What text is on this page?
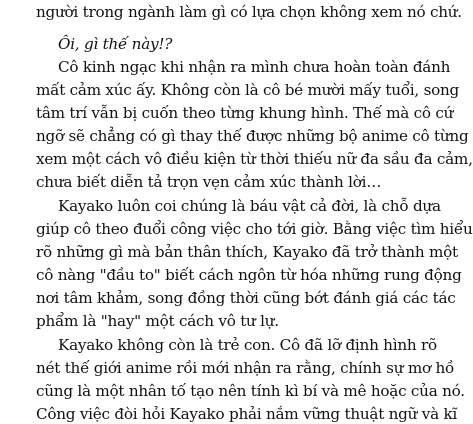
người trong ngành làm gì có lựa chọn không xem nó chứ.
Ôi, gì thế này!?
Cô kinh ngạc khi nhận ra mình chưa hoàn toàn đánh
mất cảm xúc ấy. Không còn là cô bé mười mấy tuổi, song
tâm trí vẫn bị cuốn theo từng khung hình. Thế mà cô cứ
ngỡ sẽ chẳng có gì thay thế được những bộ anime cô từng
xem một cách vô điều kiện từ thời thiếu nữ đa sầu đa cảm,
chưa biết diễn tả trọn vẹn cảm xúc thành lời…
Kayako luôn coi chúng là báu vật cả đời, là chỗ dựa
giúp cô theo đuổi công việc cho tới giờ. Bằng việc tìm hiểu
rõ những gì mà bản thân thích, Kayako đã trở thành một
cô nàng "đầu to" biết cách ngôn từ hóa những rung động
nơi tâm khảm, song đồng thời cũng bớt đánh giá các tác
phẩm là "hay" một cách vô tư lự.
Kayako không còn là trẻ con. Cô đã lỡ định hình rõ
nét thế giới anime rồi mới nhận ra rằng, chính sự mơ hồ
cũng là một nhân tố tạo nên tính kì bí và mê hoặc của nó.
Công việc đòi hỏi Kayako phải nắm vững thuật ngữ và kĩ
